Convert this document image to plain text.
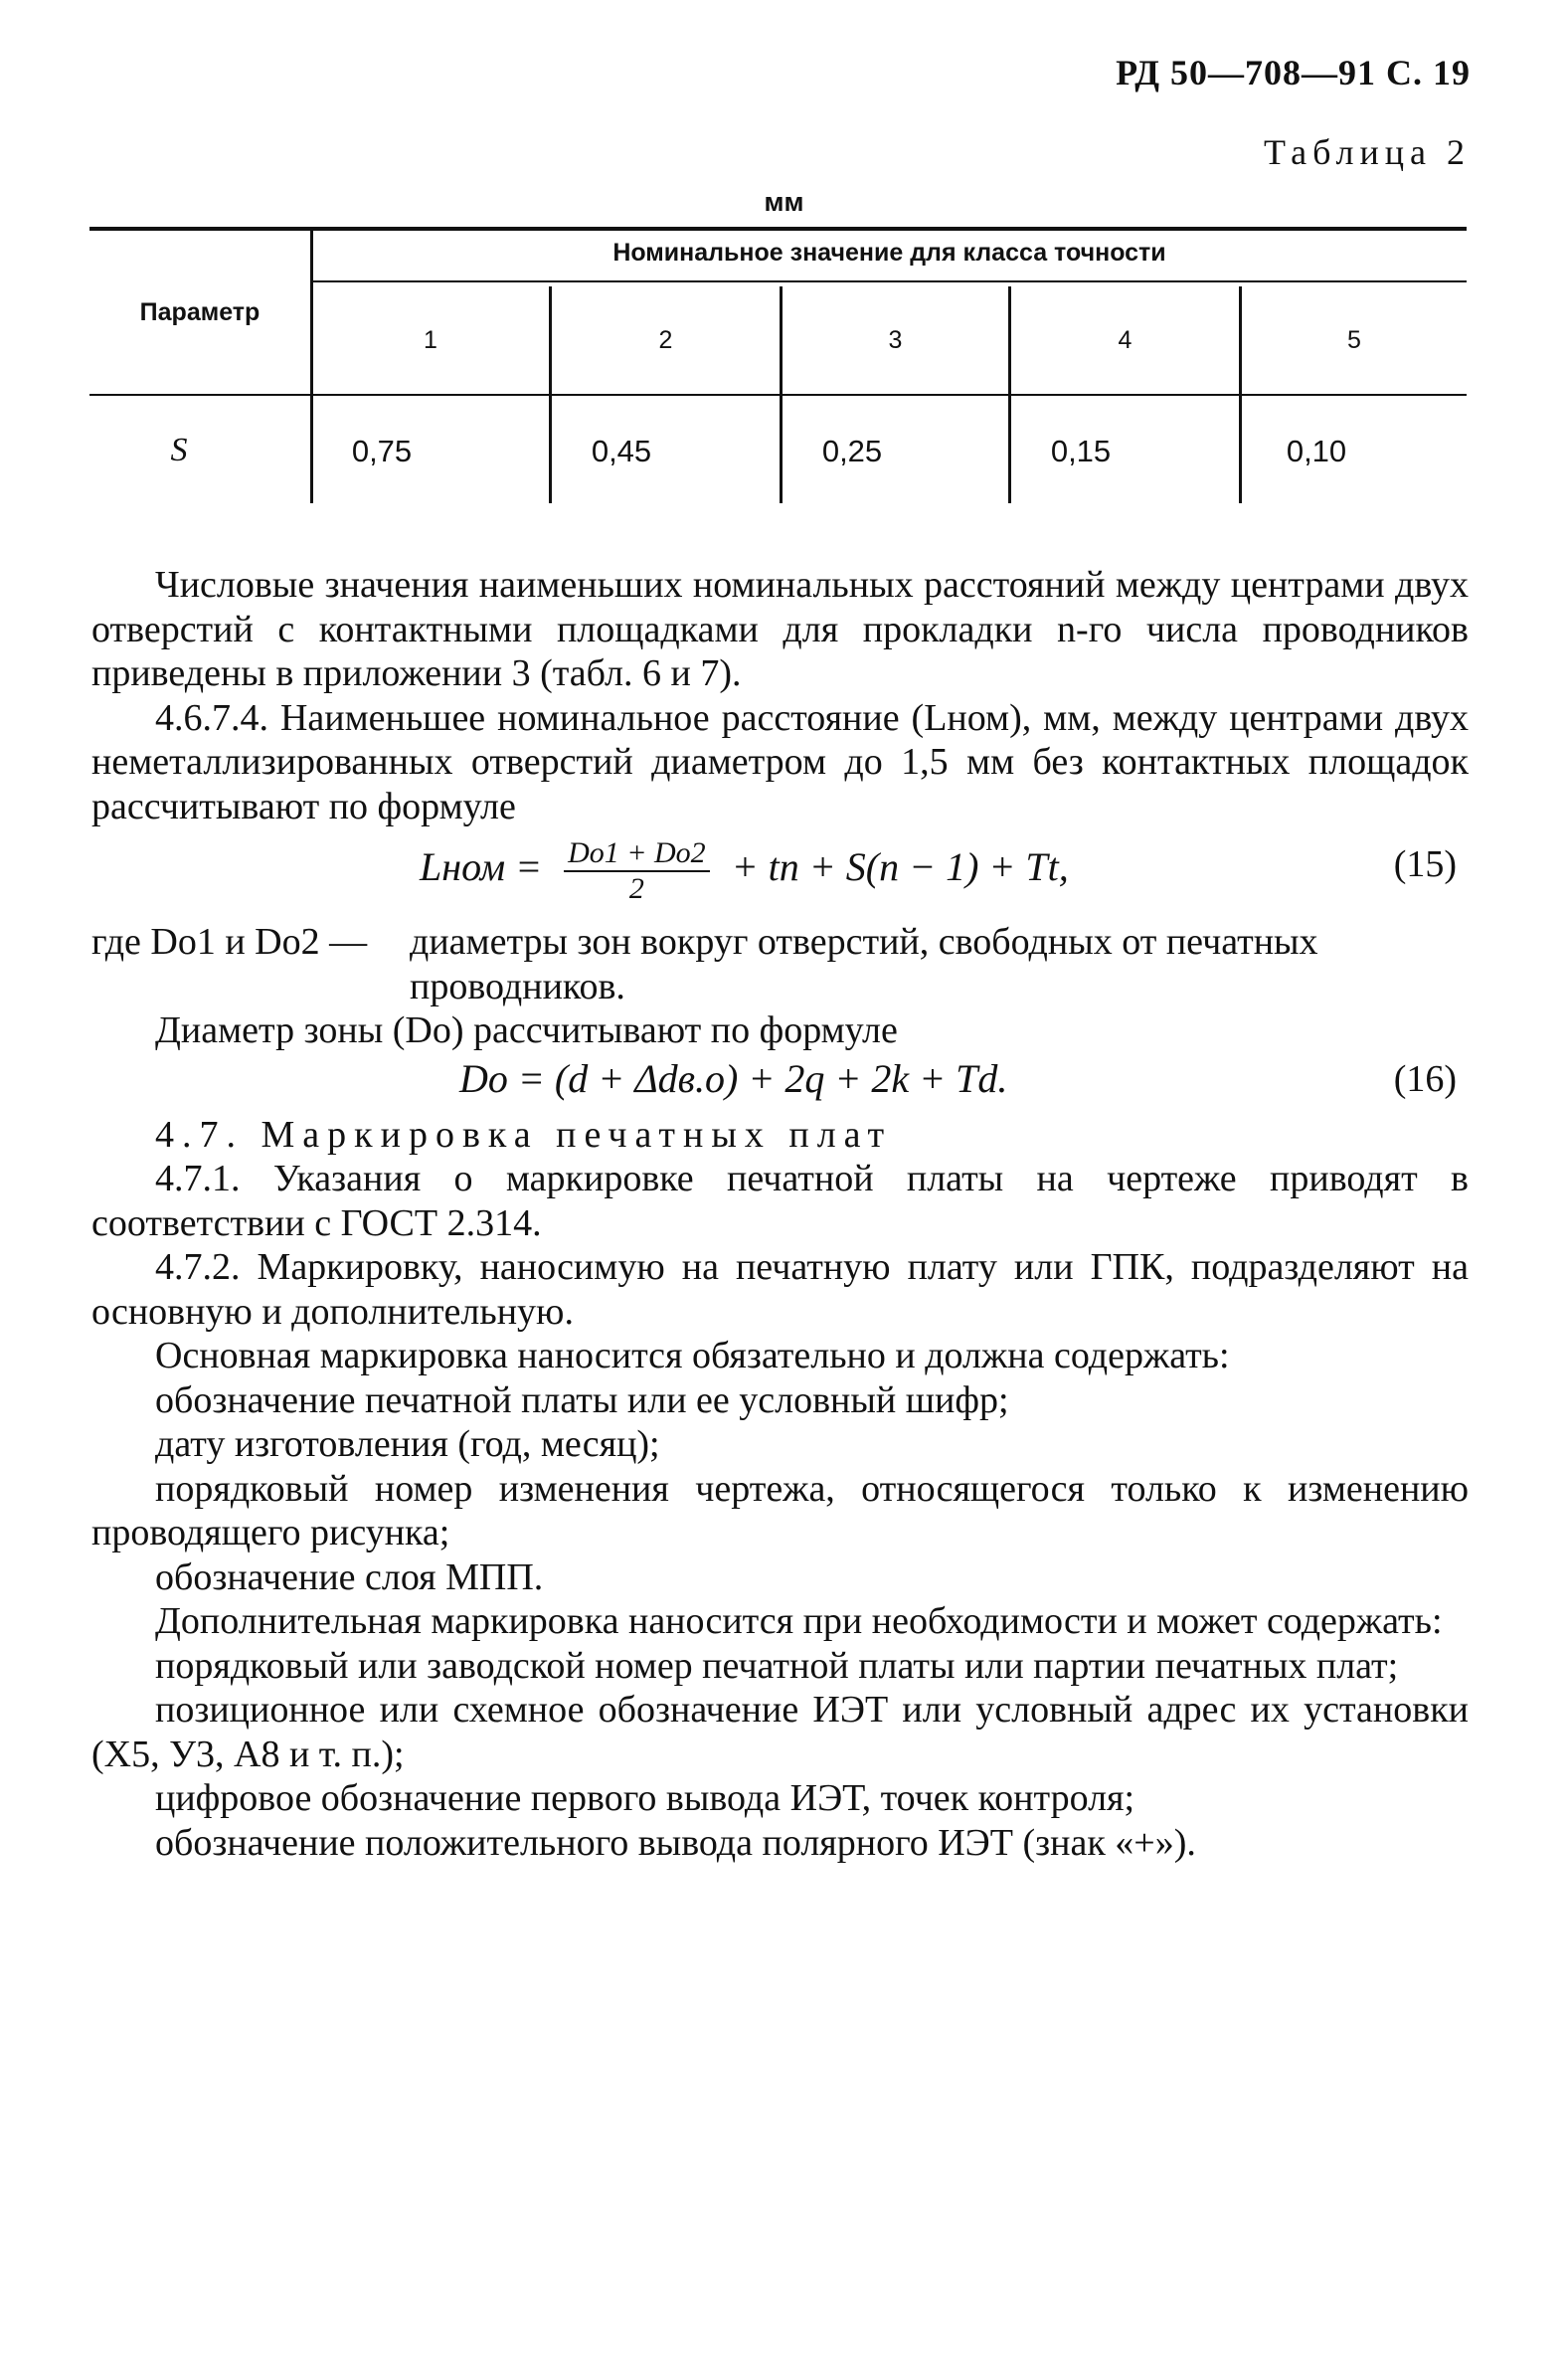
РД 50—708—91 С. 19
Таблица 2
мм
Параметр
Номинальное значение для класса точности
1	2	3	4	5
S	0,75	0,45	0,25	0,15	0,10

Числовые значения наименьших номинальных расстояний между центрами двух отверстий с контактными площадками для прокладки n-го числа проводников приведены в приложении 3 (табл. 6 и 7).

4.6.7.4. Наименьшее номинальное расстояние (Lном), мм, между центрами двух неметаллизированных отверстий диаметром до 1,5 мм без контактных площадок рассчитывают по формуле

Lном = $\frac{Do1 + Do2}{2}$ + tn + S(n − 1) + Tt,	(15)
где Do1 и Do2 — диаметры зон вокруг отверстий, свободных от печатных проводников.

Диаметр зоны (Do) рассчитывают по формуле

Do = (d + Δdв.о) + 2q + 2k + Td.	(16)

4.7. Маркировка печатных плат

4.7.1. Указания о маркировке печатной платы на чертеже приводят в соответствии с ГОСТ 2.314.

4.7.2. Маркировку, наносимую на печатную плату или ГПК, подразделяют на основную и дополнительную.

Основная маркировка наносится обязательно и должна содержать:

обозначение печатной платы или ее условный шифр;

дату изготовления (год, месяц);

порядковый номер изменения чертежа, относящегося только к изменению проводящего рисунка;

обозначение слоя МПП.

Дополнительная маркировка наносится при необходимости и может содержать:

порядковый или заводской номер печатной платы или партии печатных плат;

позиционное или схемное обозначение ИЭТ или условный адрес их установки (Х5, У3, А8 и т. п.);

цифровое обозначение первого вывода ИЭТ, точек контроля;

обозначение положительного вывода полярного ИЭТ (знак «+»).
